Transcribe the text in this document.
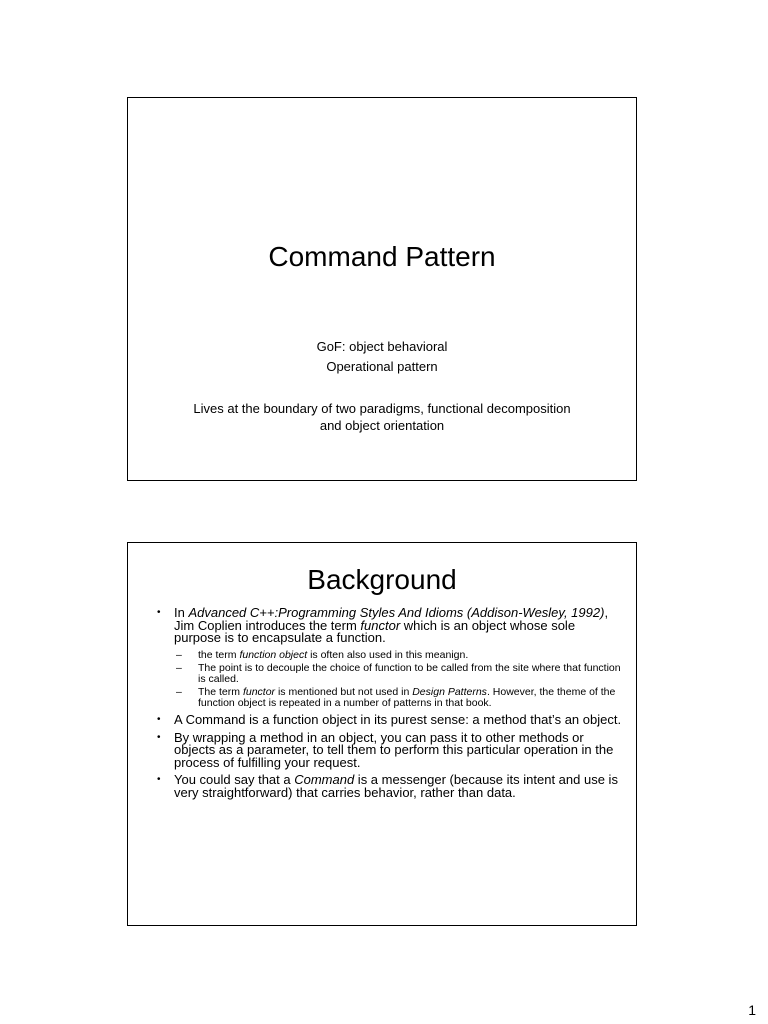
Command Pattern
GoF: object behavioral
Operational pattern
Lives at the boundary of two paradigms, functional decomposition
and object orientation
Background
• In Advanced C++:Programming Styles And Idioms (Addison-Wesley, 1992), Jim Coplien introduces the term functor which is an object whose sole purpose is to encapsulate a function.
– the term function object is often also used in this meanign.
– The point is to decouple the choice of function to be called from the site where that function is called.
– The term functor is mentioned but not used in Design Patterns. However, the theme of the function object is repeated in a number of patterns in that book.
• A Command is a function object in its purest sense: a method that’s an object.
• By wrapping a method in an object, you can pass it to other methods or objects as a parameter, to tell them to perform this particular operation in the process of fulfilling your request.
• You could say that a Command is a messenger (because its intent and use is very straightforward) that carries behavior, rather than data.
1
